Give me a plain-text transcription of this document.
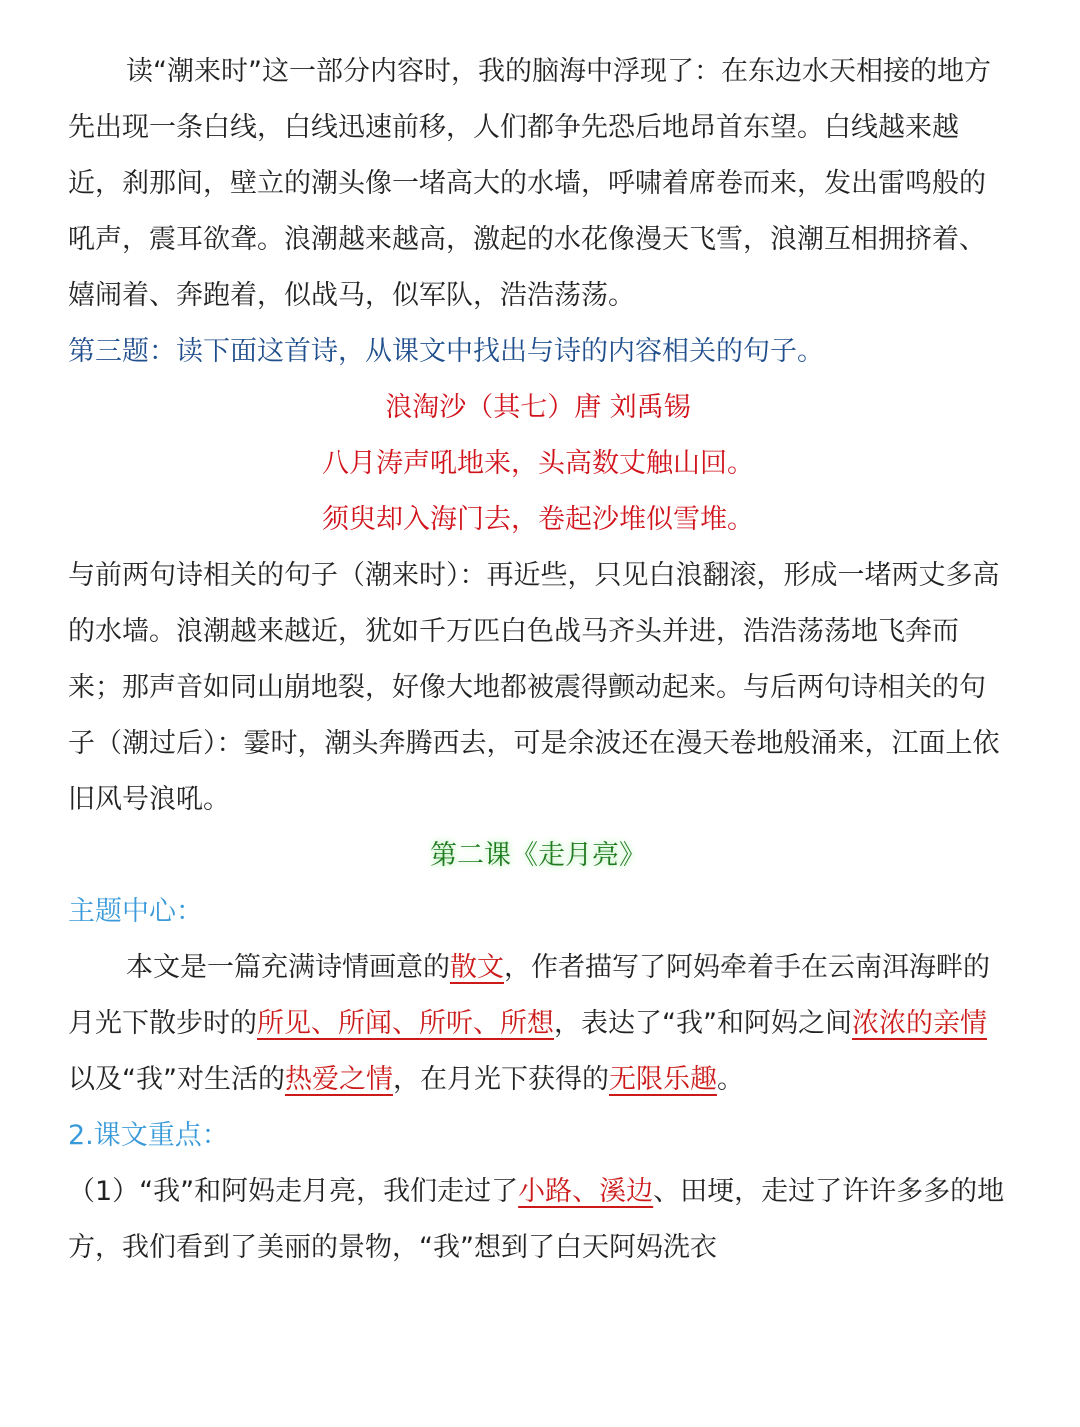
读“潮来时”这一部分内容时，我的脑海中浮现了：在东边水天相接的地方先出现一条白线，白线迅速前移，人们都争先恐后地昂首东望。白线越来越近，刹那间，壁立的潮头像一堵高大的水墙，呼啸着席卷而来，发出雷鸣般的吼声，震耳欲聋。浪潮越来越高，激起的水花像漫天飞雪，浪潮互相拥挤着、嬉闹着、奔跑着，似战马，似军队，浩浩荡荡。

第三题：读下面这首诗，从课文中找出与诗的内容相关的句子。

浪淘沙（其七）唐 刘禹锡

八月涛声吼地来，头高数丈触山回。

须臾却入海门去，卷起沙堆似雪堆。

与前两句诗相关的句子（潮来时）：再近些，只见白浪翻滚，形成一堵两丈多高的水墙。浪潮越来越近，犹如千万匹白色战马齐头并进，浩浩荡荡地飞奔而来；那声音如同山崩地裂，好像大地都被震得颤动起来。与后两句诗相关的句子（潮过后）：霎时，潮头奔腾西去，可是余波还在漫天卷地般涌来，江面上依旧风号浪吼。

第二课《走月亮》

主题中心：

本文是一篇充满诗情画意的散文，作者描写了阿妈牵着手在云南洱海畔的月光下散步时的所见、所闻、所听、所想，表达了“我”和阿妈之间浓浓的亲情以及“我”对生活的热爱之情，在月光下获得的无限乐趣。

2.课文重点：

（1）“我”和阿妈走月亮，我们走过了小路、溪边、田埂，走过了许许多多的地方，我们看到了美丽的景物，“我”想到了白天阿妈洗衣
